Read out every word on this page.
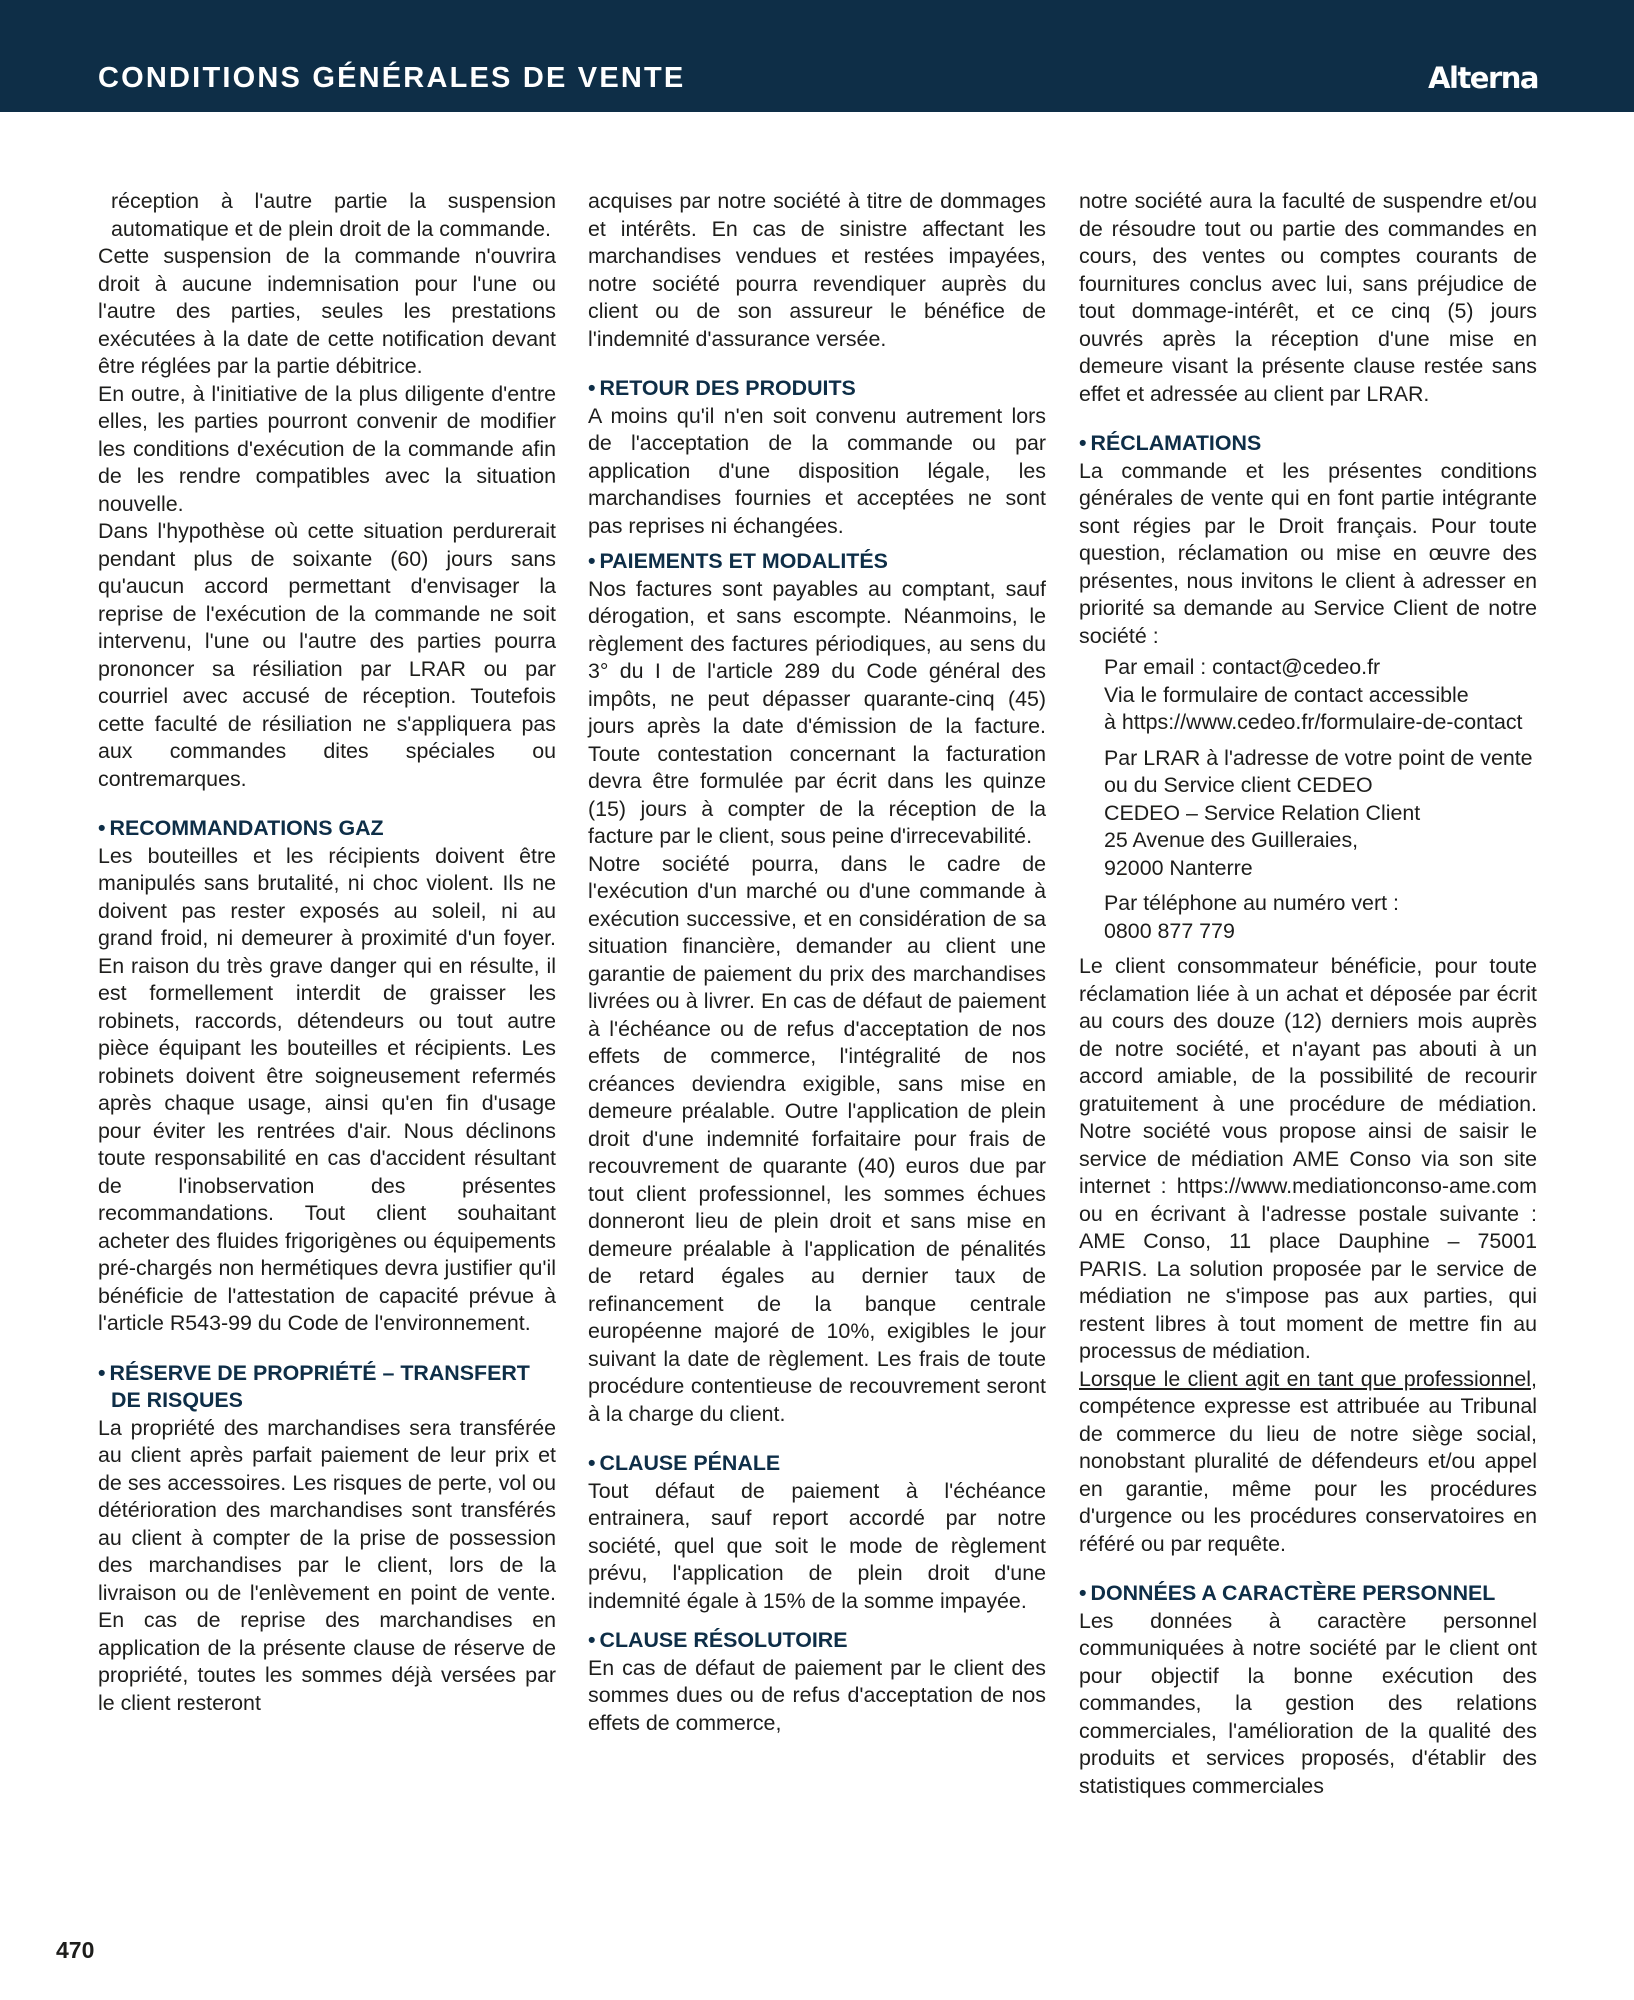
CONDITIONS GÉNÉRALES DE VENTE	Alterna

réception à l'autre partie la suspension automatique et de plein droit de la commande.

Cette suspension de la commande n'ouvrira droit à aucune indemnisation pour l'une ou l'autre des parties, seules les prestations exécutées à la date de cette notification devant être réglées par la partie débitrice.

En outre, à l'initiative de la plus diligente d'entre elles, les parties pourront convenir de modifier les conditions d'exécution de la commande afin de les rendre compatibles avec la situation nouvelle.

Dans l'hypothèse où cette situation perdurerait pendant plus de soixante (60) jours sans qu'aucun accord permettant d'envisager la reprise de l'exécution de la commande ne soit intervenu, l'une ou l'autre des parties pourra prononcer sa résiliation par LRAR ou par courriel avec accusé de réception. Toutefois cette faculté de résiliation ne s'appliquera pas aux commandes dites spéciales ou contremarques.

• RECOMMANDATIONS GAZ

Les bouteilles et les récipients doivent être manipulés sans brutalité, ni choc violent. Ils ne doivent pas rester exposés au soleil, ni au grand froid, ni demeurer à proximité d'un foyer. En raison du très grave danger qui en résulte, il est formellement interdit de graisser les robinets, raccords, détendeurs ou tout autre pièce équipant les bouteilles et récipients. Les robinets doivent être soigneusement refermés après chaque usage, ainsi qu'en fin d'usage pour éviter les rentrées d'air. Nous déclinons toute responsabilité en cas d'accident résultant de l'inobservation des présentes recommandations. Tout client souhaitant acheter des fluides frigorigènes ou équipements pré-chargés non hermétiques devra justifier qu'il bénéficie de l'attestation de capacité prévue à l'article R543-99 du Code de l'environnement.

• RÉSERVE DE PROPRIÉTÉ – TRANSFERT DE RISQUES

La propriété des marchandises sera transférée au client après parfait paiement de leur prix et de ses accessoires. Les risques de perte, vol ou détérioration des marchandises sont transférés au client à compter de la prise de possession des marchandises par le client, lors de la livraison ou de l'enlèvement en point de vente. En cas de reprise des marchandises en application de la présente clause de réserve de propriété, toutes les sommes déjà versées par le client resteront

acquises par notre société à titre de dommages et intérêts. En cas de sinistre affectant les marchandises vendues et restées impayées, notre société pourra revendiquer auprès du client ou de son assureur le bénéfice de l'indemnité d'assurance versée.

• RETOUR DES PRODUITS

A moins qu'il n'en soit convenu autrement lors de l'acceptation de la commande ou par application d'une disposition légale, les marchandises fournies et acceptées ne sont pas reprises ni échangées.

• PAIEMENTS ET MODALITÉS

Nos factures sont payables au comptant, sauf dérogation, et sans escompte. Néanmoins, le règlement des factures périodiques, au sens du 3° du I de l'article 289 du Code général des impôts, ne peut dépasser quarante-cinq (45) jours après la date d'émission de la facture. Toute contestation concernant la facturation devra être formulée par écrit dans les quinze (15) jours à compter de la réception de la facture par le client, sous peine d'irrecevabilité.

Notre société pourra, dans le cadre de l'exécution d'un marché ou d'une commande à exécution successive, et en considération de sa situation financière, demander au client une garantie de paiement du prix des marchandises livrées ou à livrer. En cas de défaut de paiement à l'échéance ou de refus d'acceptation de nos effets de commerce, l'intégralité de nos créances deviendra exigible, sans mise en demeure préalable. Outre l'application de plein droit d'une indemnité forfaitaire pour frais de recouvrement de quarante (40) euros due par tout client professionnel, les sommes échues donneront lieu de plein droit et sans mise en demeure préalable à l'application de pénalités de retard égales au dernier taux de refinancement de la banque centrale européenne majoré de 10%, exigibles le jour suivant la date de règlement. Les frais de toute procédure contentieuse de recouvrement seront à la charge du client.

• CLAUSE PÉNALE

Tout défaut de paiement à l'échéance entrainera, sauf report accordé par notre société, quel que soit le mode de règlement prévu, l'application de plein droit d'une indemnité égale à 15% de la somme impayée.

• CLAUSE RÉSOLUTOIRE

En cas de défaut de paiement par le client des sommes dues ou de refus d'acceptation de nos effets de commerce,

notre société aura la faculté de suspendre et/ou de résoudre tout ou partie des commandes en cours, des ventes ou comptes courants de fournitures conclus avec lui, sans préjudice de tout dommage-intérêt, et ce cinq (5) jours ouvrés après la réception d'une mise en demeure visant la présente clause restée sans effet et adressée au client par LRAR.

• RÉCLAMATIONS

La commande et les présentes conditions générales de vente qui en font partie intégrante sont régies par le Droit français. Pour toute question, réclamation ou mise en œuvre des présentes, nous invitons le client à adresser en priorité sa demande au Service Client de notre société :

Par email : contact@cedeo.fr

Via le formulaire de contact accessible

à https://www.cedeo.fr/formulaire-de-contact

Par LRAR à l'adresse de votre point de vente ou du Service client CEDEO

CEDEO – Service Relation Client

25 Avenue des Guilleraies,

92000 Nanterre

Par téléphone au numéro vert :

0800 877 779

Le client consommateur bénéficie, pour toute réclamation liée à un achat et déposée par écrit au cours des douze (12) derniers mois auprès de notre société, et n'ayant pas abouti à un accord amiable, de la possibilité de recourir gratuitement à une procédure de médiation. Notre société vous propose ainsi de saisir le service de médiation AME Conso via son site internet : https://www.mediationconso-ame.com ou en écrivant à l'adresse postale suivante : AME Conso, 11 place Dauphine – 75001 PARIS. La solution proposée par le service de médiation ne s'impose pas aux parties, qui restent libres à tout moment de mettre fin au processus de médiation.

Lorsque le client agit en tant que professionnel, compétence expresse est attribuée au Tribunal de commerce du lieu de notre siège social, nonobstant pluralité de défendeurs et/ou appel en garantie, même pour les procédures d'urgence ou les procédures conservatoires en référé ou par requête.

• DONNÉES A CARACTÈRE PERSONNEL

Les données à caractère personnel communiquées à notre société par le client ont pour objectif la bonne exécution des commandes, la gestion des relations commerciales, l'amélioration de la qualité des produits et services proposés, d'établir des statistiques commerciales

470
